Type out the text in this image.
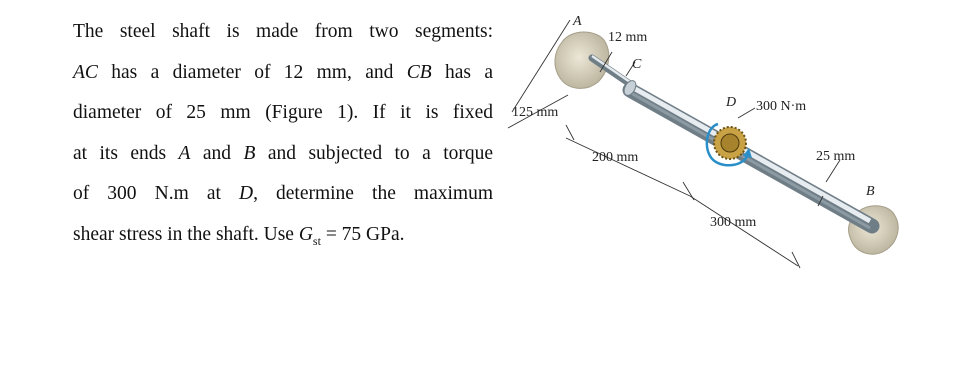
The steel shaft is made from two segments:
AC has a diameter of 12 mm, and CB has a
diameter of 25 mm (Figure 1). If it is fixed
at its ends A and B and subjected to a torque
of 300 N.m at D, determine the maximum
shear stress in the shaft. Use $G_{st} = 75$ GPa.
A
12 mm
C
125 mm
D 300 N·m
200 mm	25 mm
B
300 mm
